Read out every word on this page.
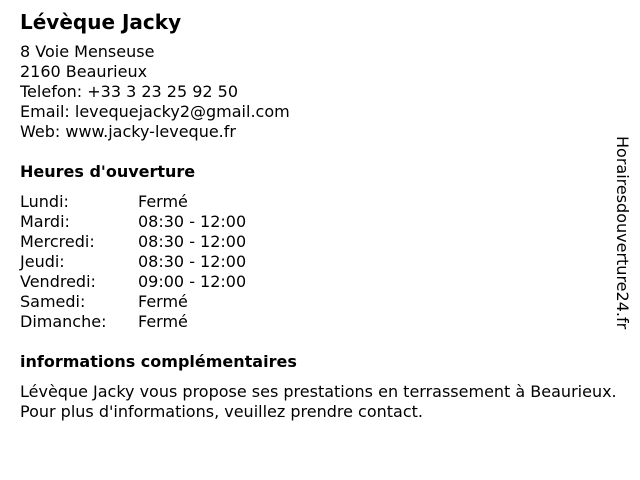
Lévèque Jacky
8 Voie Menseuse
2160 Beaurieux
Telefon: +33 3 23 25 92 50
Email: levequejacky2@gmail.com
Web: www.jacky-leveque.fr
Heures d'ouverture
Lundi:	Fermé
Mardi:	08:30 - 12:00
Mercredi:	08:30 - 12:00
Jeudi:	08:30 - 12:00
Vendredi:	09:00 - 12:00
Samedi:	Fermé
Dimanche:	Fermé
informations complémentaires

Lévèque Jacky vous propose ses prestations en terrassement à Beaurieux. Pour plus d'informations, veuillez prendre contact.

Horairesdouverture24.fr
